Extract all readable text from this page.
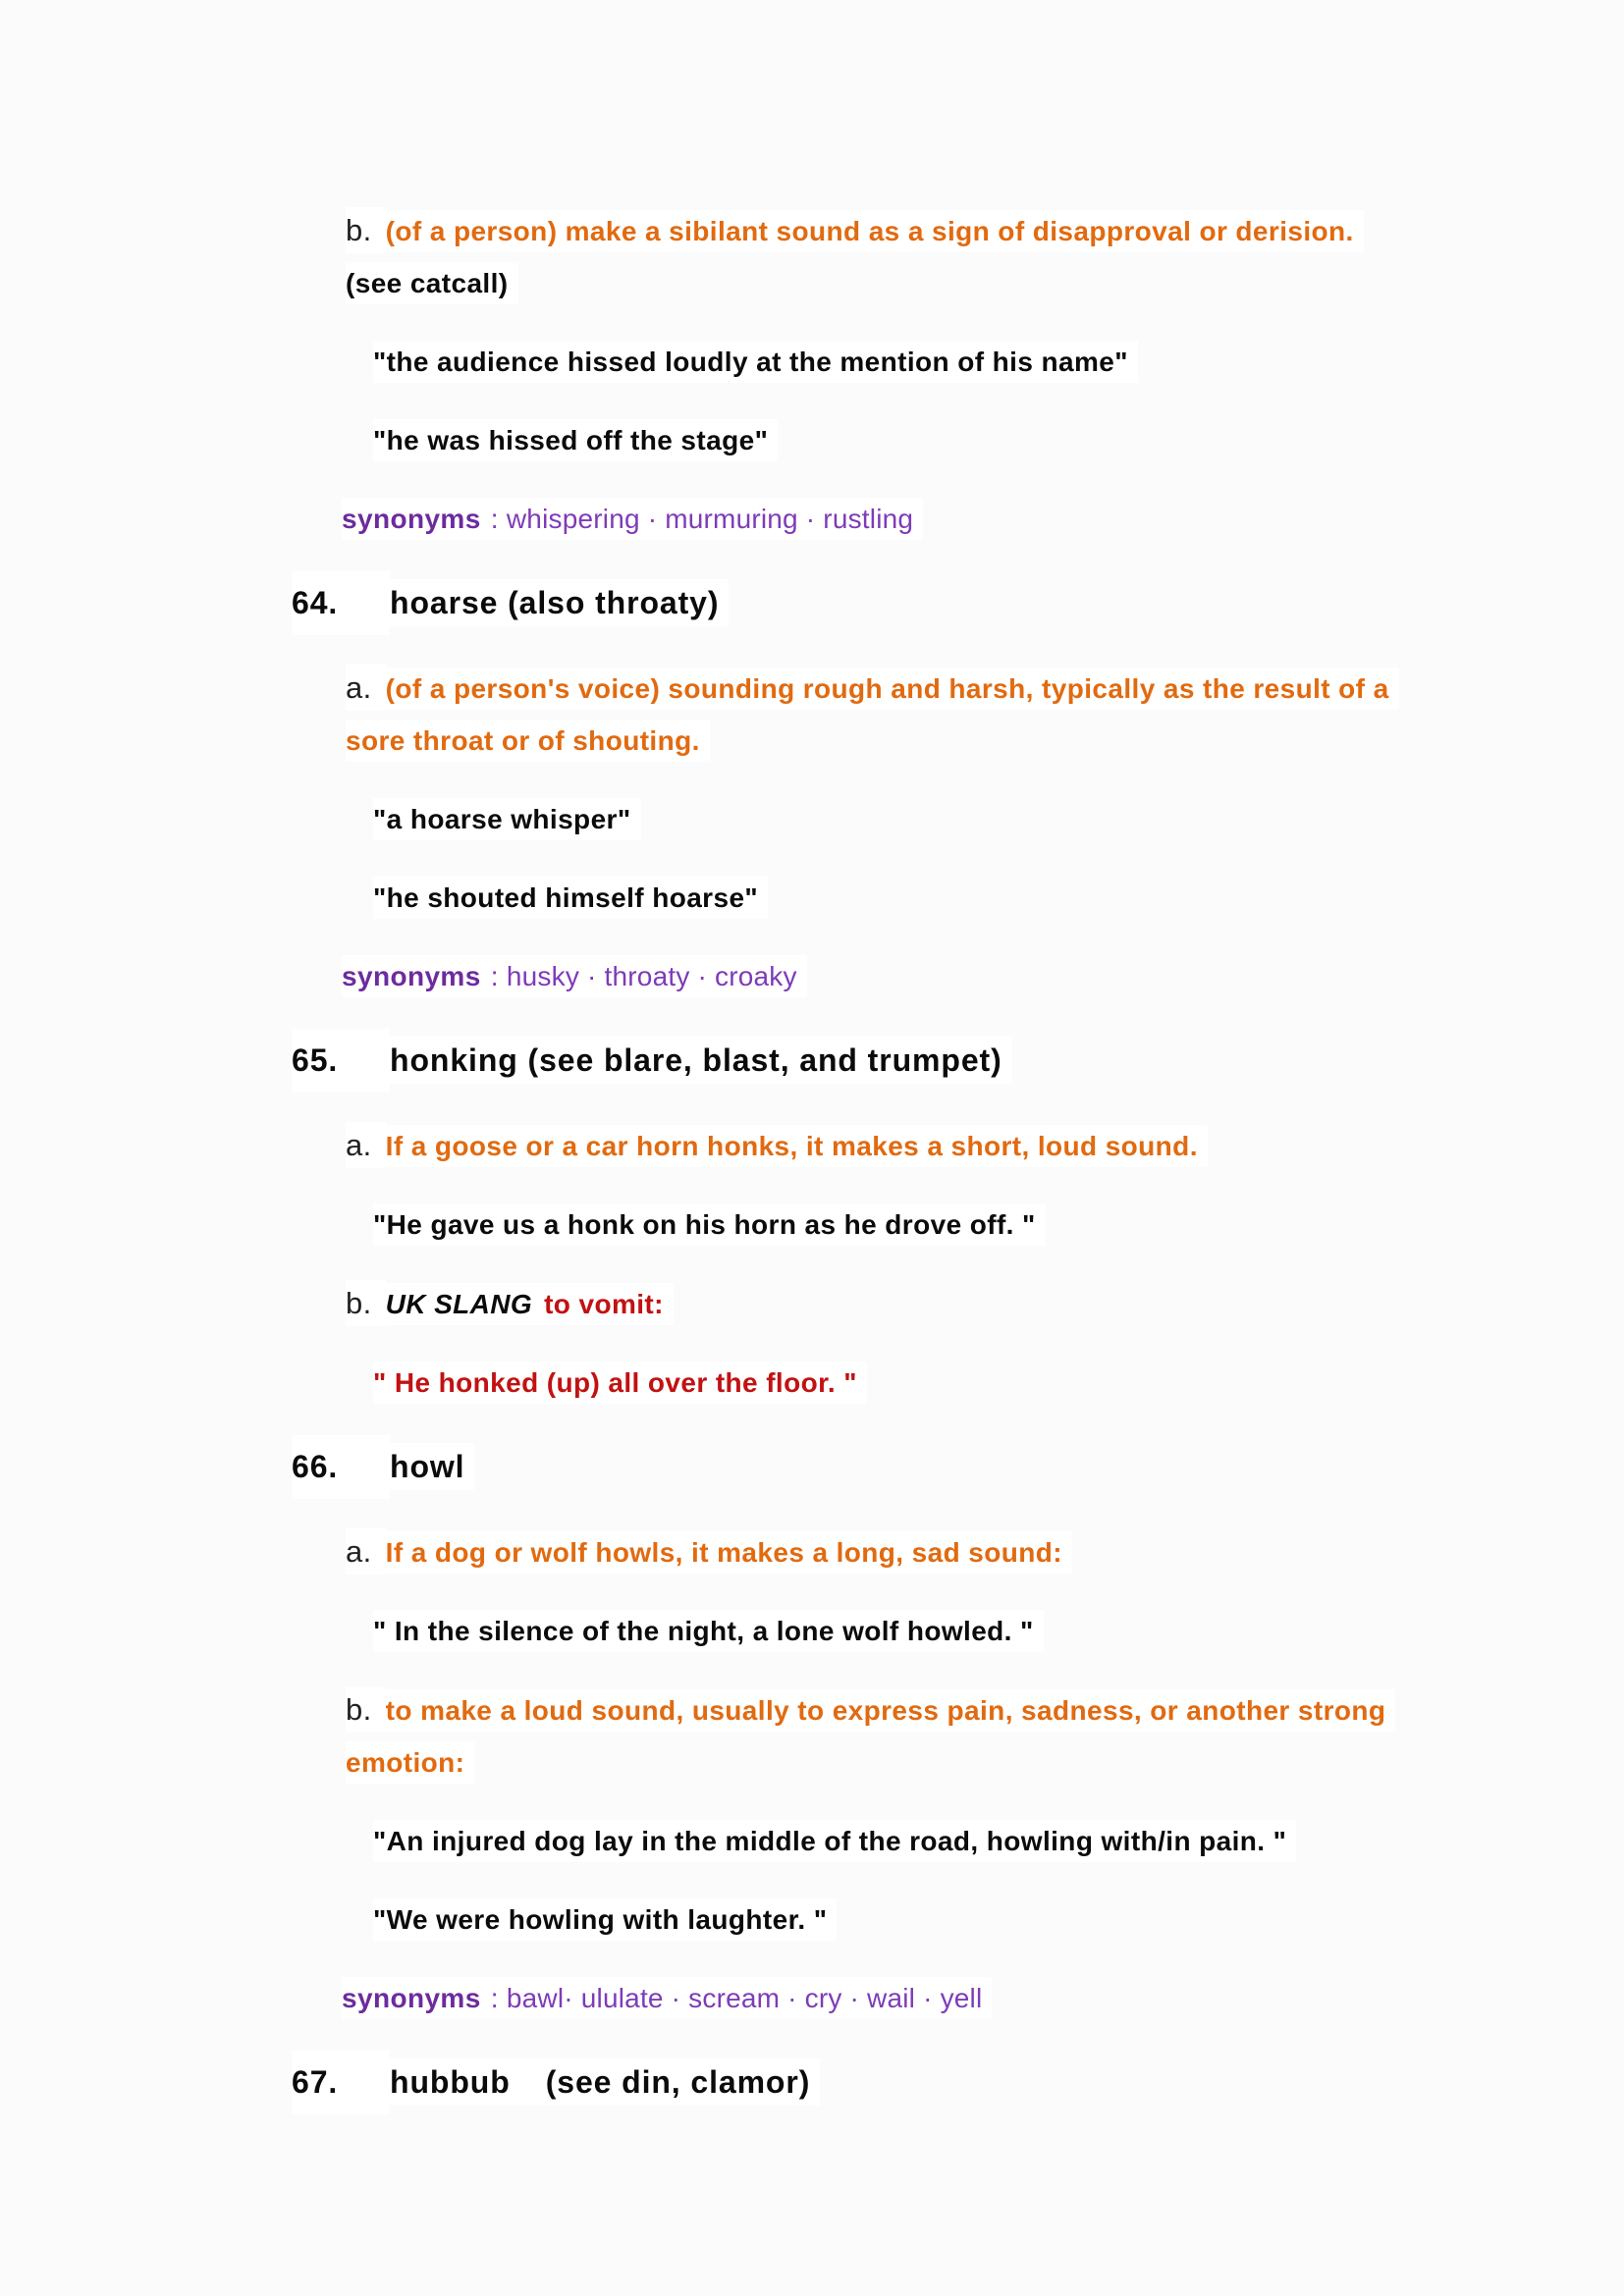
b. (of a person) make a sibilant sound as a sign of disapproval or derision.
(see catcall)

"the audience hissed loudly at the mention of his name"

"he was hissed off the stage"

synonyms : whispering · murmuring · rustling

64. hoarse (also throaty)

a. (of a person's voice) sounding rough and harsh, typically as the result of a
sore throat or of shouting.

"a hoarse whisper"

"he shouted himself hoarse"

synonyms : husky · throaty · croaky

65. honking (see blare, blast, and trumpet)

a. If a goose or a car horn honks, it makes a short, loud sound.

"He gave us a honk on his horn as he drove off. "

b. UK SLANG to vomit:

" He honked (up) all over the floor. "

66. howl

a. If a dog or wolf howls, it makes a long, sad sound:

" In the silence of the night, a lone wolf howled. "

b. to make a loud sound, usually to express pain, sadness, or another strong
emotion:

"An injured dog lay in the middle of the road, howling with/in pain. "

"We were howling with laughter. "

synonyms : bawl· ululate · scream · cry · wail · yell

67. hubbub (see din, clamor)
